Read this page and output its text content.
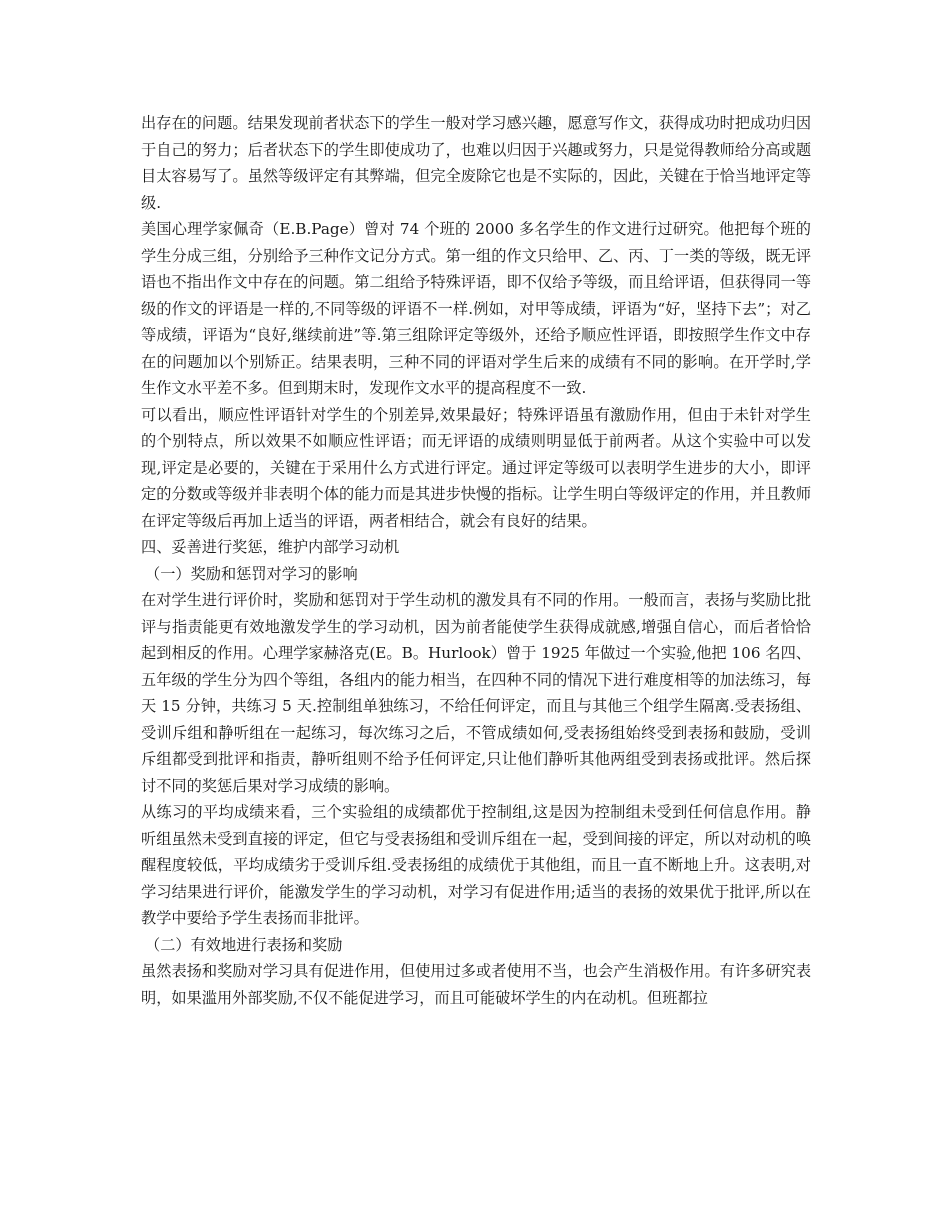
出存在的问题。结果发现前者状态下的学生一般对学习感兴趣，愿意写作文，获得成功时把成功归因于自己的努力；后者状态下的学生即使成功了，也难以归因于兴趣或努力，只是觉得教师给分高或题目太容易写了。虽然等级评定有其弊端，但完全废除它也是不实际的，因此，关键在于恰当地评定等级.

美国心理学家佩奇（E.B.Page）曾对 74 个班的 2000 多名学生的作文进行过研究。他把每个班的学生分成三组，分别给予三种作文记分方式。第一组的作文只给甲、乙、丙、丁一类的等级，既无评语也不指出作文中存在的问题。第二组给予特殊评语，即不仅给予等级，而且给评语，但获得同一等级的作文的评语是一样的,不同等级的评语不一样.例如，对甲等成绩，评语为“好，坚持下去”；对乙等成绩，评语为“良好,继续前进”等.第三组除评定等级外，还给予顺应性评语，即按照学生作文中存在的问题加以个别矫正。结果表明，三种不同的评语对学生后来的成绩有不同的影响。在开学时,学生作文水平差不多。但到期末时，发现作文水平的提高程度不一致.

可以看出，顺应性评语针对学生的个别差异,效果最好；特殊评语虽有激励作用，但由于未针对学生的个别特点，所以效果不如顺应性评语；而无评语的成绩则明显低于前两者。从这个实验中可以发现,评定是必要的，关键在于采用什么方式进行评定。通过评定等级可以表明学生进步的大小，即评定的分数或等级并非表明个体的能力而是其进步快慢的指标。让学生明白等级评定的作用，并且教师在评定等级后再加上适当的评语，两者相结合，就会有良好的结果。

四、妥善进行奖惩，维护内部学习动机

（一）奖励和惩罚对学习的影响

在对学生进行评价时，奖励和惩罚对于学生动机的激发具有不同的作用。一般而言，表扬与奖励比批评与指责能更有效地激发学生的学习动机，因为前者能使学生获得成就感,增强自信心，而后者恰恰起到相反的作用。心理学家赫洛克(E。B。Hurlook）曾于 1925 年做过一个实验,他把 106 名四、五年级的学生分为四个等组，各组内的能力相当，在四种不同的情况下进行难度相等的加法练习，每天 15 分钟，共练习 5 天.控制组单独练习，不给任何评定，而且与其他三个组学生隔离.受表扬组、受训斥组和静听组在一起练习，每次练习之后，不管成绩如何,受表扬组始终受到表扬和鼓励，受训斥组都受到批评和指责，静听组则不给予任何评定,只让他们静听其他两组受到表扬或批评。然后探讨不同的奖惩后果对学习成绩的影响。

从练习的平均成绩来看，三个实验组的成绩都优于控制组,这是因为控制组未受到任何信息作用。静听组虽然未受到直接的评定，但它与受表扬组和受训斥组在一起，受到间接的评定，所以对动机的唤醒程度较低，平均成绩劣于受训斥组.受表扬组的成绩优于其他组，而且一直不断地上升。这表明,对学习结果进行评价，能激发学生的学习动机，对学习有促进作用;适当的表扬的效果优于批评,所以在教学中要给予学生表扬而非批评。

（二）有效地进行表扬和奖励

虽然表扬和奖励对学习具有促进作用，但使用过多或者使用不当，也会产生消极作用。有许多研究表明，如果滥用外部奖励,不仅不能促进学习，而且可能破坏学生的内在动机。但班都拉
